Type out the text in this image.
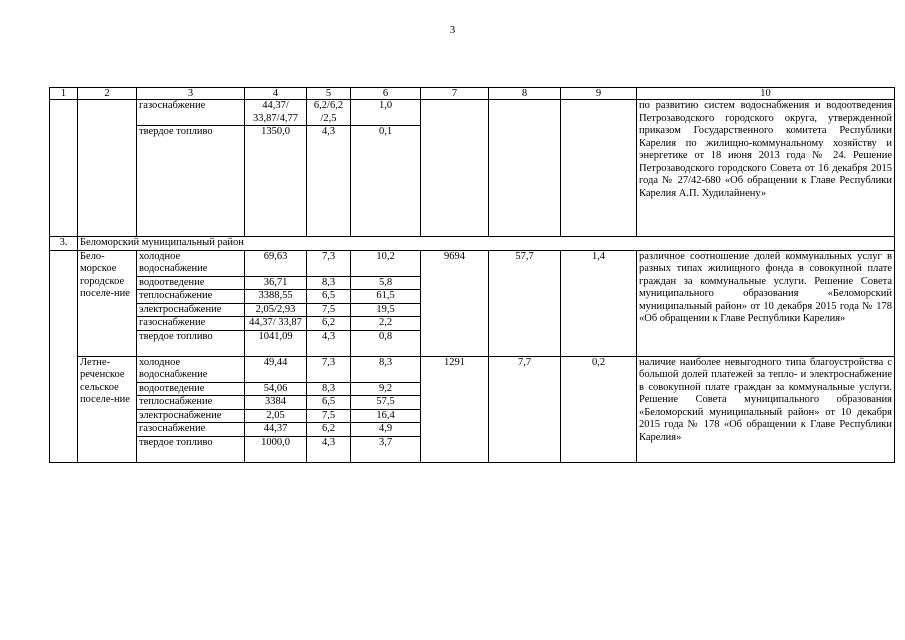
3
1	2	3	4	5	6	7	8	9	10
		газоснабжение	44,37/ 33,87/4,77	6,2/6,2 /2,5	1,0				по развитию систем водоснабжения и водоотведения Петрозаводского городского округа, утвержденной приказом Государственного комитета Республики Карелия по жилищно-коммунальному хозяйству и энергетике от 18 июня 2013 года № 24. Решение Петрозаводского городского Совета от 16 декабря 2015 года № 27/42-680 «Об обращении к Главе Республики Карелия А.П. Худилайнену»
		твердое топливо	1350,0	4,3	0,1				
3.	Беломорский муниципальный район								
	Бело-морское городское поселе-ние	холодное водоснабжение	69,63	7,3	10,2	9694	57,7	1,4	различное соотношение долей коммунальных услуг в разных типах жилищного фонда в совокупной плате граждан за коммунальные услуги. Решение Совета муниципального образования «Беломорский муниципальный район» от 10 декабря 2015 года № 178 «Об обращении к Главе Республики Карелия»
		водоотведение	36,71	8,3	5,8				
		теплоснабжение	3388,55	6,5	61,5				
		электроснабжение	2,05/2,93	7,5	19,5				
		газоснабжение	44,37/ 33,87	6,2	2,2				
		твердое топливо	1041,09	4,3	0,8				
	Летне-реченское сельское поселе-ние	холодное водоснабжение	49,44	7,3	8,3	1291	7,7	0,2	наличие наиболее невыгодного типа благоустройства с большой долей платежей за тепло- и электроснабжение в совокупной плате граждан за коммунальные услуги. Решение Совета муниципального образования «Беломорский муниципальный район» от 10 декабря 2015 года № 178 «Об обращении к Главе Республики Карелия»
		водоотведение	54,06	8,3	9,2				
		теплоснабжение	3384	6,5	57,5				
		электроснабжение	2,05	7,5	16,4				
		газоснабжение	44,37	6,2	4,9				
		твердое топливо	1000,0	4,3	3,7				
